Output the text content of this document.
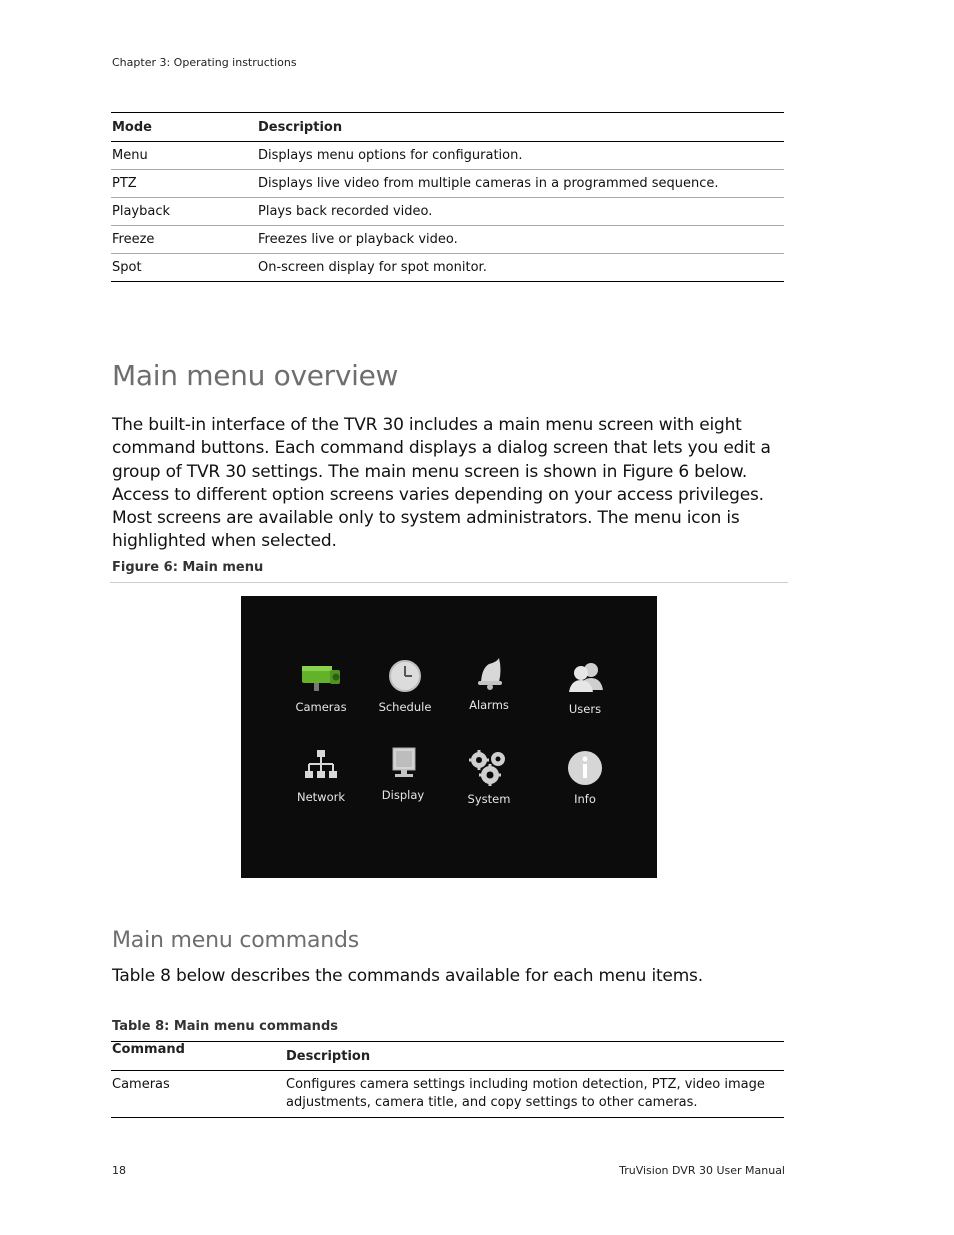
Chapter 3: Operating instructions
Mode	Description
Menu	Displays menu options for configuration.
PTZ	Displays live video from multiple cameras in a programmed sequence.
Playback	Plays back recorded video.
Freeze	Freezes live or playback video.
Spot	On-screen display for spot monitor.
Main menu overview

The built-in interface of the TVR 30 includes a main menu screen with eight command buttons. Each command displays a dialog screen that lets you edit a group of TVR 30 settings. The main menu screen is shown in Figure 6 below. Access to different option screens varies depending on your access privileges. Most screens are available only to system administrators. The menu icon is highlighted when selected.

Figure 6: Main menu
Cameras	Schedule	Alarms	Users
Network	Display	System	Info
Main menu commands

Table 8 below describes the commands available for each menu items.

Table 8: Main menu commands
Command	Description
Cameras	Configures camera settings including motion detection, PTZ, video image adjustments, camera title, and copy settings to other cameras.
18	TruVision DVR 30 User Manual
